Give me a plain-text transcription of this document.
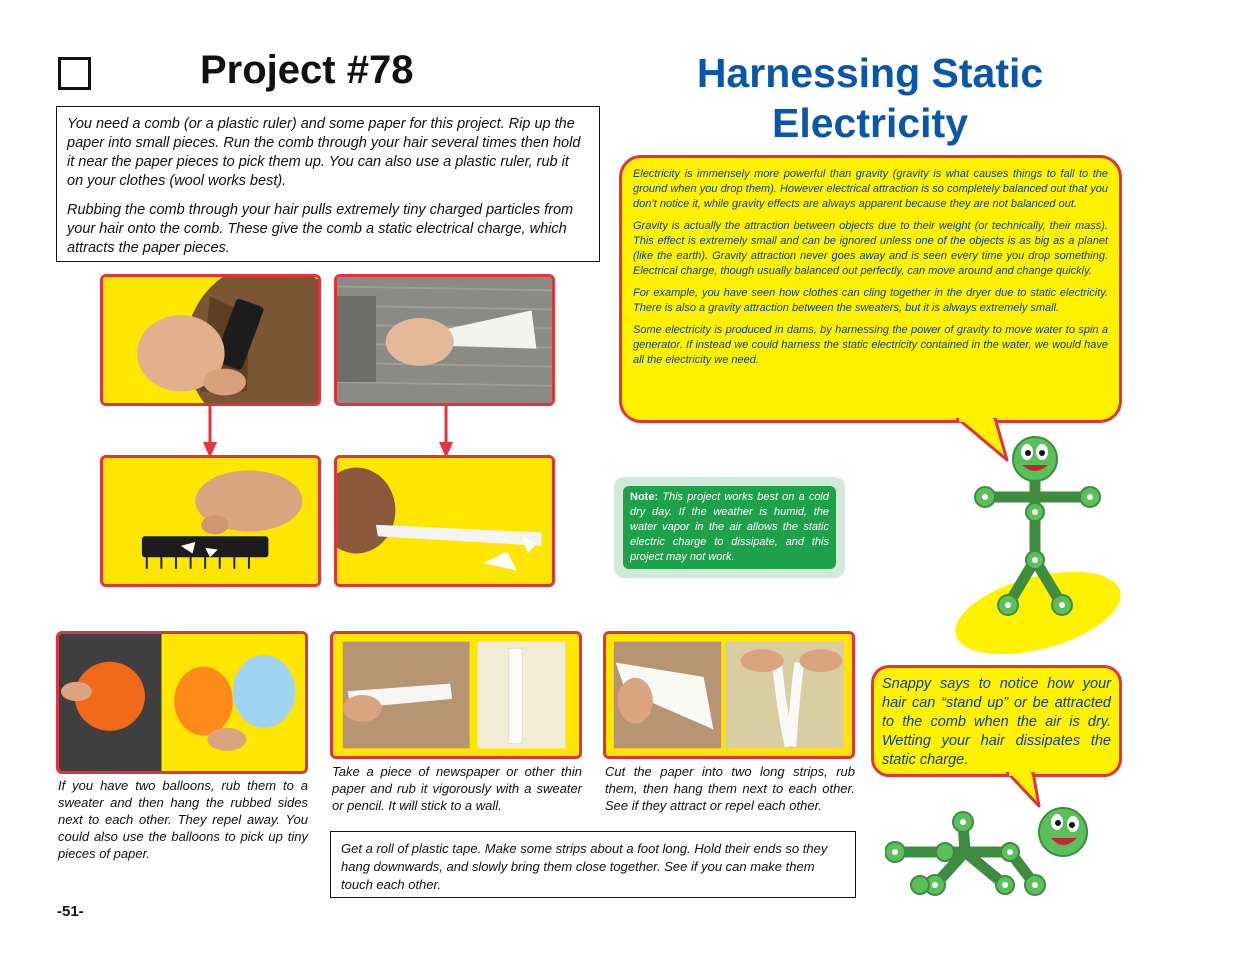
Project #78	Harnessing Static Electricity

You need a comb (or a plastic ruler) and some paper for this project. Rip up the paper into small pieces. Run the comb through your hair several times then hold it near the paper pieces to pick them up. You can also use a plastic ruler, rub it on your clothes (wool works best).

Rubbing the comb through your hair pulls extremely tiny charged particles from your hair onto the comb. These give the comb a static electrical charge, which attracts the paper pieces.

Electricity is immensely more powerful than gravity (gravity is what causes things to fall to the ground when you drop them). However electrical attraction is so completely balanced out that you don’t notice it, while gravity effects are always apparent because they are not balanced out.

Gravity is actually the attraction between objects due to their weight (or technically, their mass). This effect is extremely small and can be ignored unless one of the objects is as big as a planet (like the earth). Gravity attraction never goes away and is seen every time you drop something. Electrical charge, though usually balanced out perfectly, can move around and change quickly.

For example, you have seen how clothes can cling together in the dryer due to static electricity. There is also a gravity attraction between the sweaters, but it is always extremely small.

Some electricity is produced in dams, by harnessing the power of gravity to move water to spin a generator. If instead we could harness the static electricity contained in the water, we would have all the electricity we need.

Note: This project works best on a cold dry day. If the weather is humid, the water vapor in the air allows the static electric charge to dissipate, and this project may not work.
If you have two balloons, rub them to a sweater and then hang the rubbed sides next to each other. They repel away. You could also use the balloons to pick up tiny pieces of paper.
Take a piece of newspaper or other thin paper and rub it vigorously with a sweater or pencil. It will stick to a wall.
Cut the paper into two long strips, rub them, then hang them next to each other. See if they attract or repel each other.
Get a roll of plastic tape. Make some strips about a foot long. Hold their ends so they hang downwards, and slowly bring them close together. See if you can make them touch each other.
Snappy says to notice how your hair can “stand up” or be attracted to the comb when the air is dry. Wetting your hair dissipates the static charge.
-51-
